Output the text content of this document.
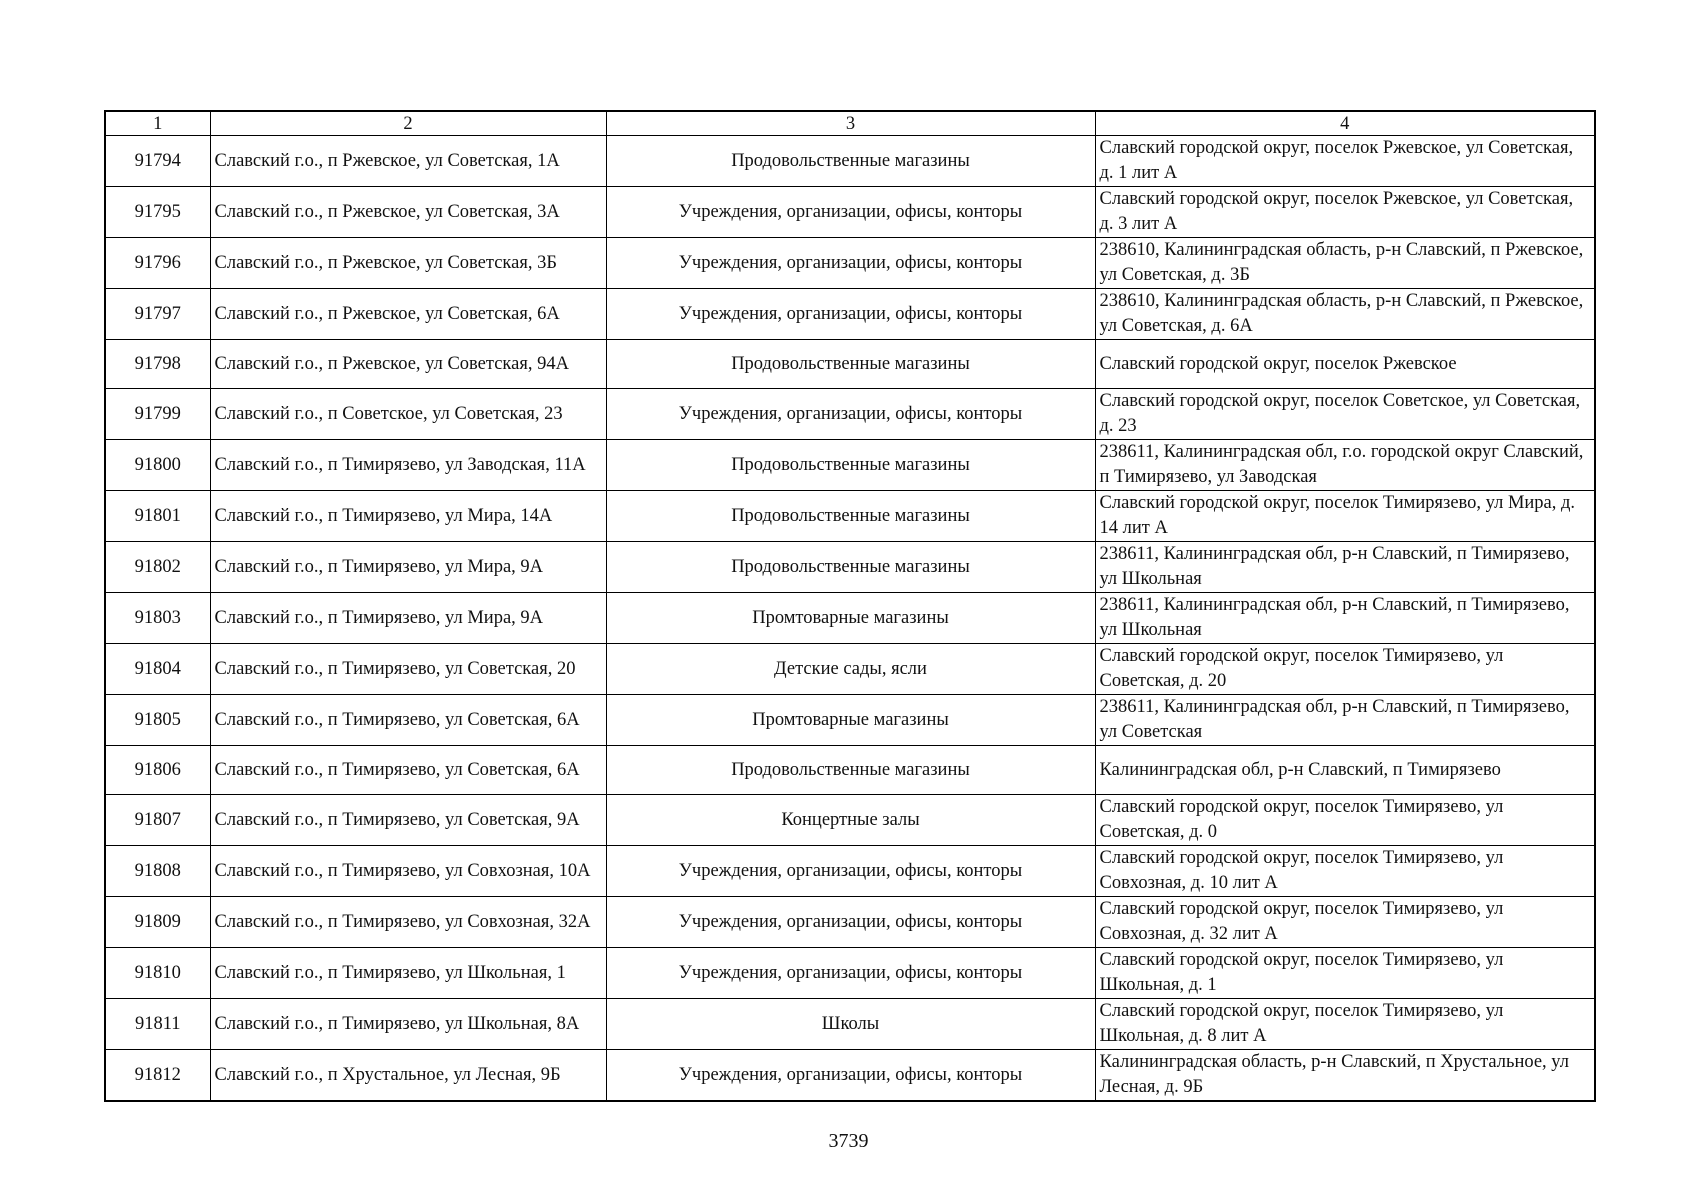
1	2	3	4
91794	Славский г.о., п Ржевское, ул Советская, 1А	Продовольственные магазины	Славский городской округ, поселок Ржевское, ул Советская, д. 1 лит А
91795	Славский г.о., п Ржевское, ул Советская, 3А	Учреждения, организации, офисы, конторы	Славский городской округ, поселок Ржевское, ул Советская, д. 3 лит А
91796	Славский г.о., п Ржевское, ул Советская, 3Б	Учреждения, организации, офисы, конторы	238610, Калининградская область, р-н Славский, п Ржевское, ул Советская, д. 3Б
91797	Славский г.о., п Ржевское, ул Советская, 6А	Учреждения, организации, офисы, конторы	238610, Калининградская область, р-н Славский, п Ржевское, ул Советская, д. 6А
91798	Славский г.о., п Ржевское, ул Советская, 94А	Продовольственные магазины	Славский городской округ, поселок Ржевское
91799	Славский г.о., п Советское, ул Советская, 23	Учреждения, организации, офисы, конторы	Славский городской округ, поселок Советское, ул Советская, д. 23
91800	Славский г.о., п Тимирязево, ул Заводская, 11А	Продовольственные магазины	238611, Калининградская обл, г.о. городской округ Славский, п Тимирязево, ул Заводская
91801	Славский г.о., п Тимирязево, ул Мира, 14А	Продовольственные магазины	Славский городской округ, поселок Тимирязево, ул Мира, д. 14 лит А
91802	Славский г.о., п Тимирязево, ул Мира, 9А	Продовольственные магазины	238611, Калининградская обл, р-н Славский, п Тимирязево, ул Школьная
91803	Славский г.о., п Тимирязево, ул Мира, 9А	Промтоварные магазины	238611, Калининградская обл, р-н Славский, п Тимирязево, ул Школьная
91804	Славский г.о., п Тимирязево, ул Советская, 20	Детские сады, ясли	Славский городской округ, поселок Тимирязево, ул Советская, д. 20
91805	Славский г.о., п Тимирязево, ул Советская, 6А	Промтоварные магазины	238611, Калининградская обл, р-н Славский, п Тимирязево, ул Советская
91806	Славский г.о., п Тимирязево, ул Советская, 6А	Продовольственные магазины	Калининградская обл, р-н Славский, п Тимирязево
91807	Славский г.о., п Тимирязево, ул Советская, 9А	Концертные залы	Славский городской округ, поселок Тимирязево, ул Советская, д. 0
91808	Славский г.о., п Тимирязево, ул Совхозная, 10А	Учреждения, организации, офисы, конторы	Славский городской округ, поселок Тимирязево, ул Совхозная, д. 10 лит А
91809	Славский г.о., п Тимирязево, ул Совхозная, 32А	Учреждения, организации, офисы, конторы	Славский городской округ, поселок Тимирязево, ул Совхозная, д. 32 лит А
91810	Славский г.о., п Тимирязево, ул Школьная, 1	Учреждения, организации, офисы, конторы	Славский городской округ, поселок Тимирязево, ул Школьная, д. 1
91811	Славский г.о., п Тимирязево, ул Школьная, 8А	Школы	Славский городской округ, поселок Тимирязево, ул Школьная, д. 8 лит А
91812	Славский г.о., п Хрустальное, ул Лесная, 9Б	Учреждения, организации, офисы, конторы	Калининградская область, р-н Славский, п Хрустальное, ул Лесная, д. 9Б
3739
